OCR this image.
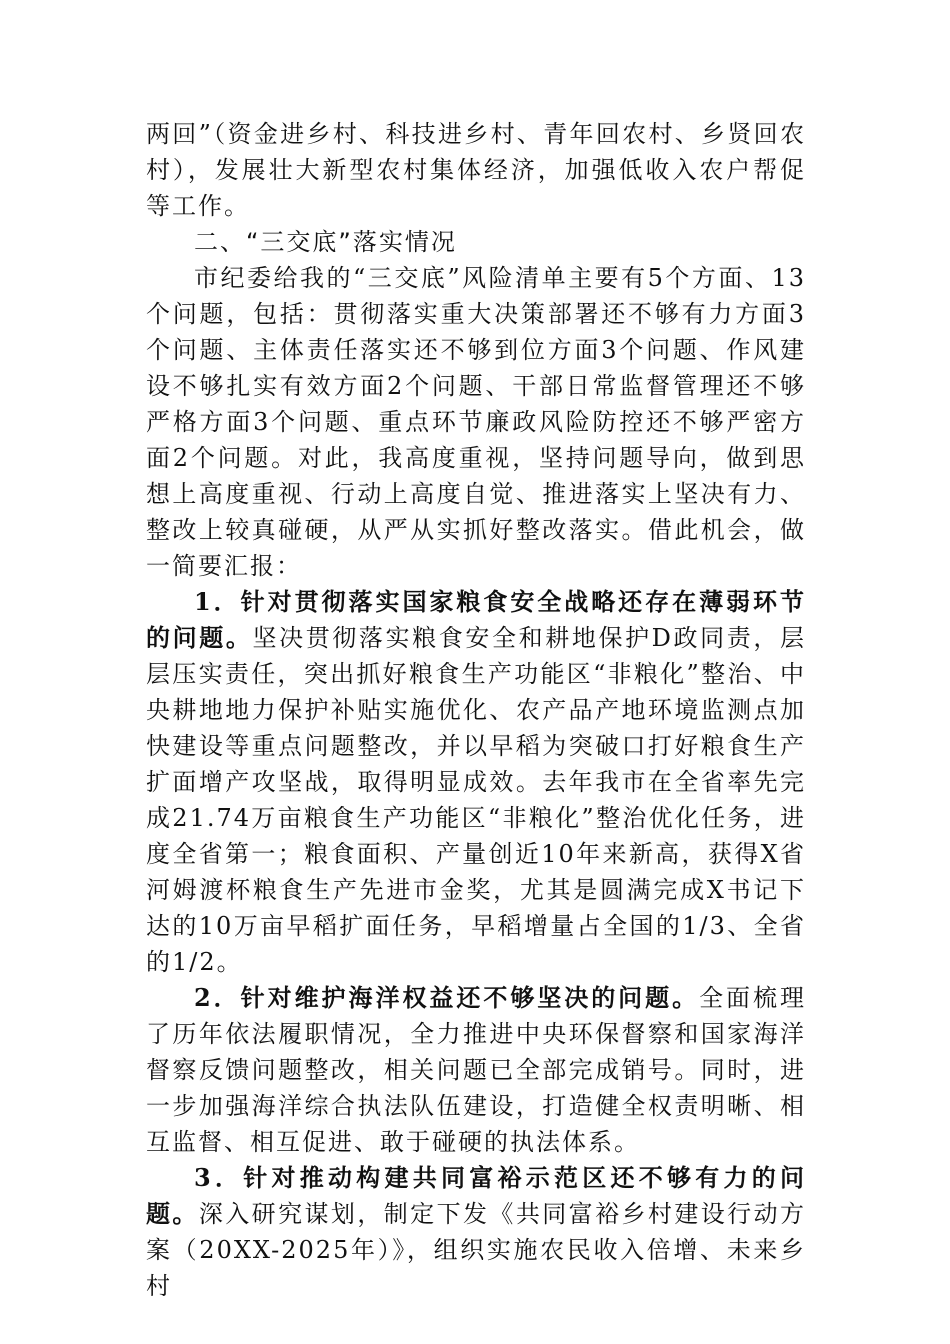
两回”（资金进乡村、科技进乡村、青年回农村、乡贤回农村），发展壮大新型农村集体经济，加强低收入农户帮促等工作。

二、“三交底”落实情况

市纪委给我的“三交底”风险清单主要有5个方面、13个问题，包括：贯彻落实重大决策部署还不够有力方面3个问题、主体责任落实还不够到位方面3个问题、作风建设不够扎实有效方面2个问题、干部日常监督管理还不够严格方面3个问题、重点环节廉政风险防控还不够严密方面2个问题。对此，我高度重视，坚持问题导向，做到思想上高度重视、行动上高度自觉、推进落实上坚决有力、整改上较真碰硬，从严从实抓好整改落实。借此机会，做一简要汇报：

1．针对贯彻落实国家粮食安全战略还存在薄弱环节的问题。坚决贯彻落实粮食安全和耕地保护D政同责，层层压实责任，突出抓好粮食生产功能区“非粮化”整治、中央耕地地力保护补贴实施优化、农产品产地环境监测点加快建设等重点问题整改，并以早稻为突破口打好粮食生产扩面增产攻坚战，取得明显成效。去年我市在全省率先完成21.74万亩粮食生产功能区“非粮化”整治优化任务，进度全省第一；粮食面积、产量创近10年来新高，获得X省河姆渡杯粮食生产先进市金奖，尤其是圆满完成X书记下达的10万亩早稻扩面任务，早稻增量占全国的1/3、全省的1/2。

2．针对维护海洋权益还不够坚决的问题。全面梳理了历年依法履职情况，全力推进中央环保督察和国家海洋督察反馈问题整改，相关问题已全部完成销号。同时，进一步加强海洋综合执法队伍建设，打造健全权责明晰、相互监督、相互促进、敢于碰硬的执法体系。

3．针对推动构建共同富裕示范区还不够有力的问题。深入研究谋划，制定下发《共同富裕乡村建设行动方案（20XX-2025年）》，组织实施农民收入倍增、未来乡村
